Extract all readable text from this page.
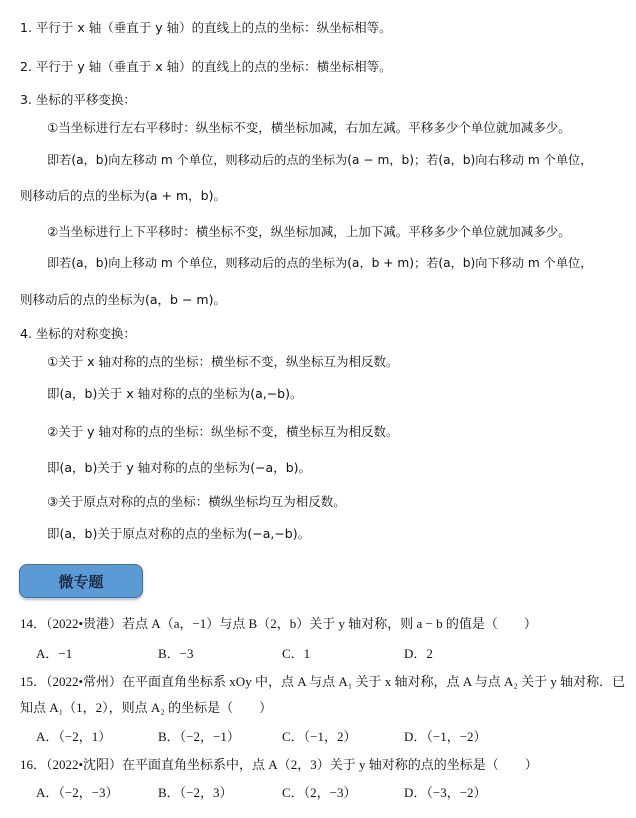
1. 平行于 x 轴（垂直于 y 轴）的直线上的点的坐标：纵坐标相等。
2. 平行于 y 轴（垂直于 x 轴）的直线上的点的坐标：横坐标相等。
3. 坐标的平移变换：
①当坐标进行左右平移时：纵坐标不变，横坐标加减，右加左减。平移多少个单位就加减多少。
即若(a，b)向左移动 m 个单位，则移动后的点的坐标为(a − m，b)；若(a，b)向右移动 m 个单位，
则移动后的点的坐标为(a + m，b)。
②当坐标进行上下平移时：横坐标不变，纵坐标加减，上加下减。平移多少个单位就加减多少。
即若(a，b)向上移动 m 个单位，则移动后的点的坐标为(a，b + m)；若(a，b)向下移动 m 个单位，
则移动后的点的坐标为(a，b − m)。
4. 坐标的对称变换：
①关于 x 轴对称的点的坐标：横坐标不变，纵坐标互为相反数。
即(a，b)关于 x 轴对称的点的坐标为(a,−b)。
②关于 y 轴对称的点的坐标：纵坐标不变，横坐标互为相反数。
即(a，b)关于 y 轴对称的点的坐标为(−a，b)。
③关于原点对称的点的坐标：横纵坐标均互为相反数。
即(a，b)关于原点对称的点的坐标为(−a,−b)。
微专题
14．（2022•贵港）若点 A（a，−1）与点 B（2，b）关于 y 轴对称，则 a − b 的值是（　　）
A．−1	B．−3	C．1	D．2
15．（2022•常州）在平面直角坐标系 xOy 中，点 A 与点 A₁ 关于 x 轴对称，点 A 与点 A₂ 关于 y 轴对称．已
知点 A₁（1，2），则点 A₂ 的坐标是（　　）
A．（−2，1）	B．（−2，−1）	C．（−1，2）	D．（−1，−2）
16．（2022•沈阳）在平面直角坐标系中，点 A（2，3）关于 y 轴对称的点的坐标是（　　）
A．（−2，−3）	B．（−2，3）	C．（2，−3）	D．（−3，−2）
